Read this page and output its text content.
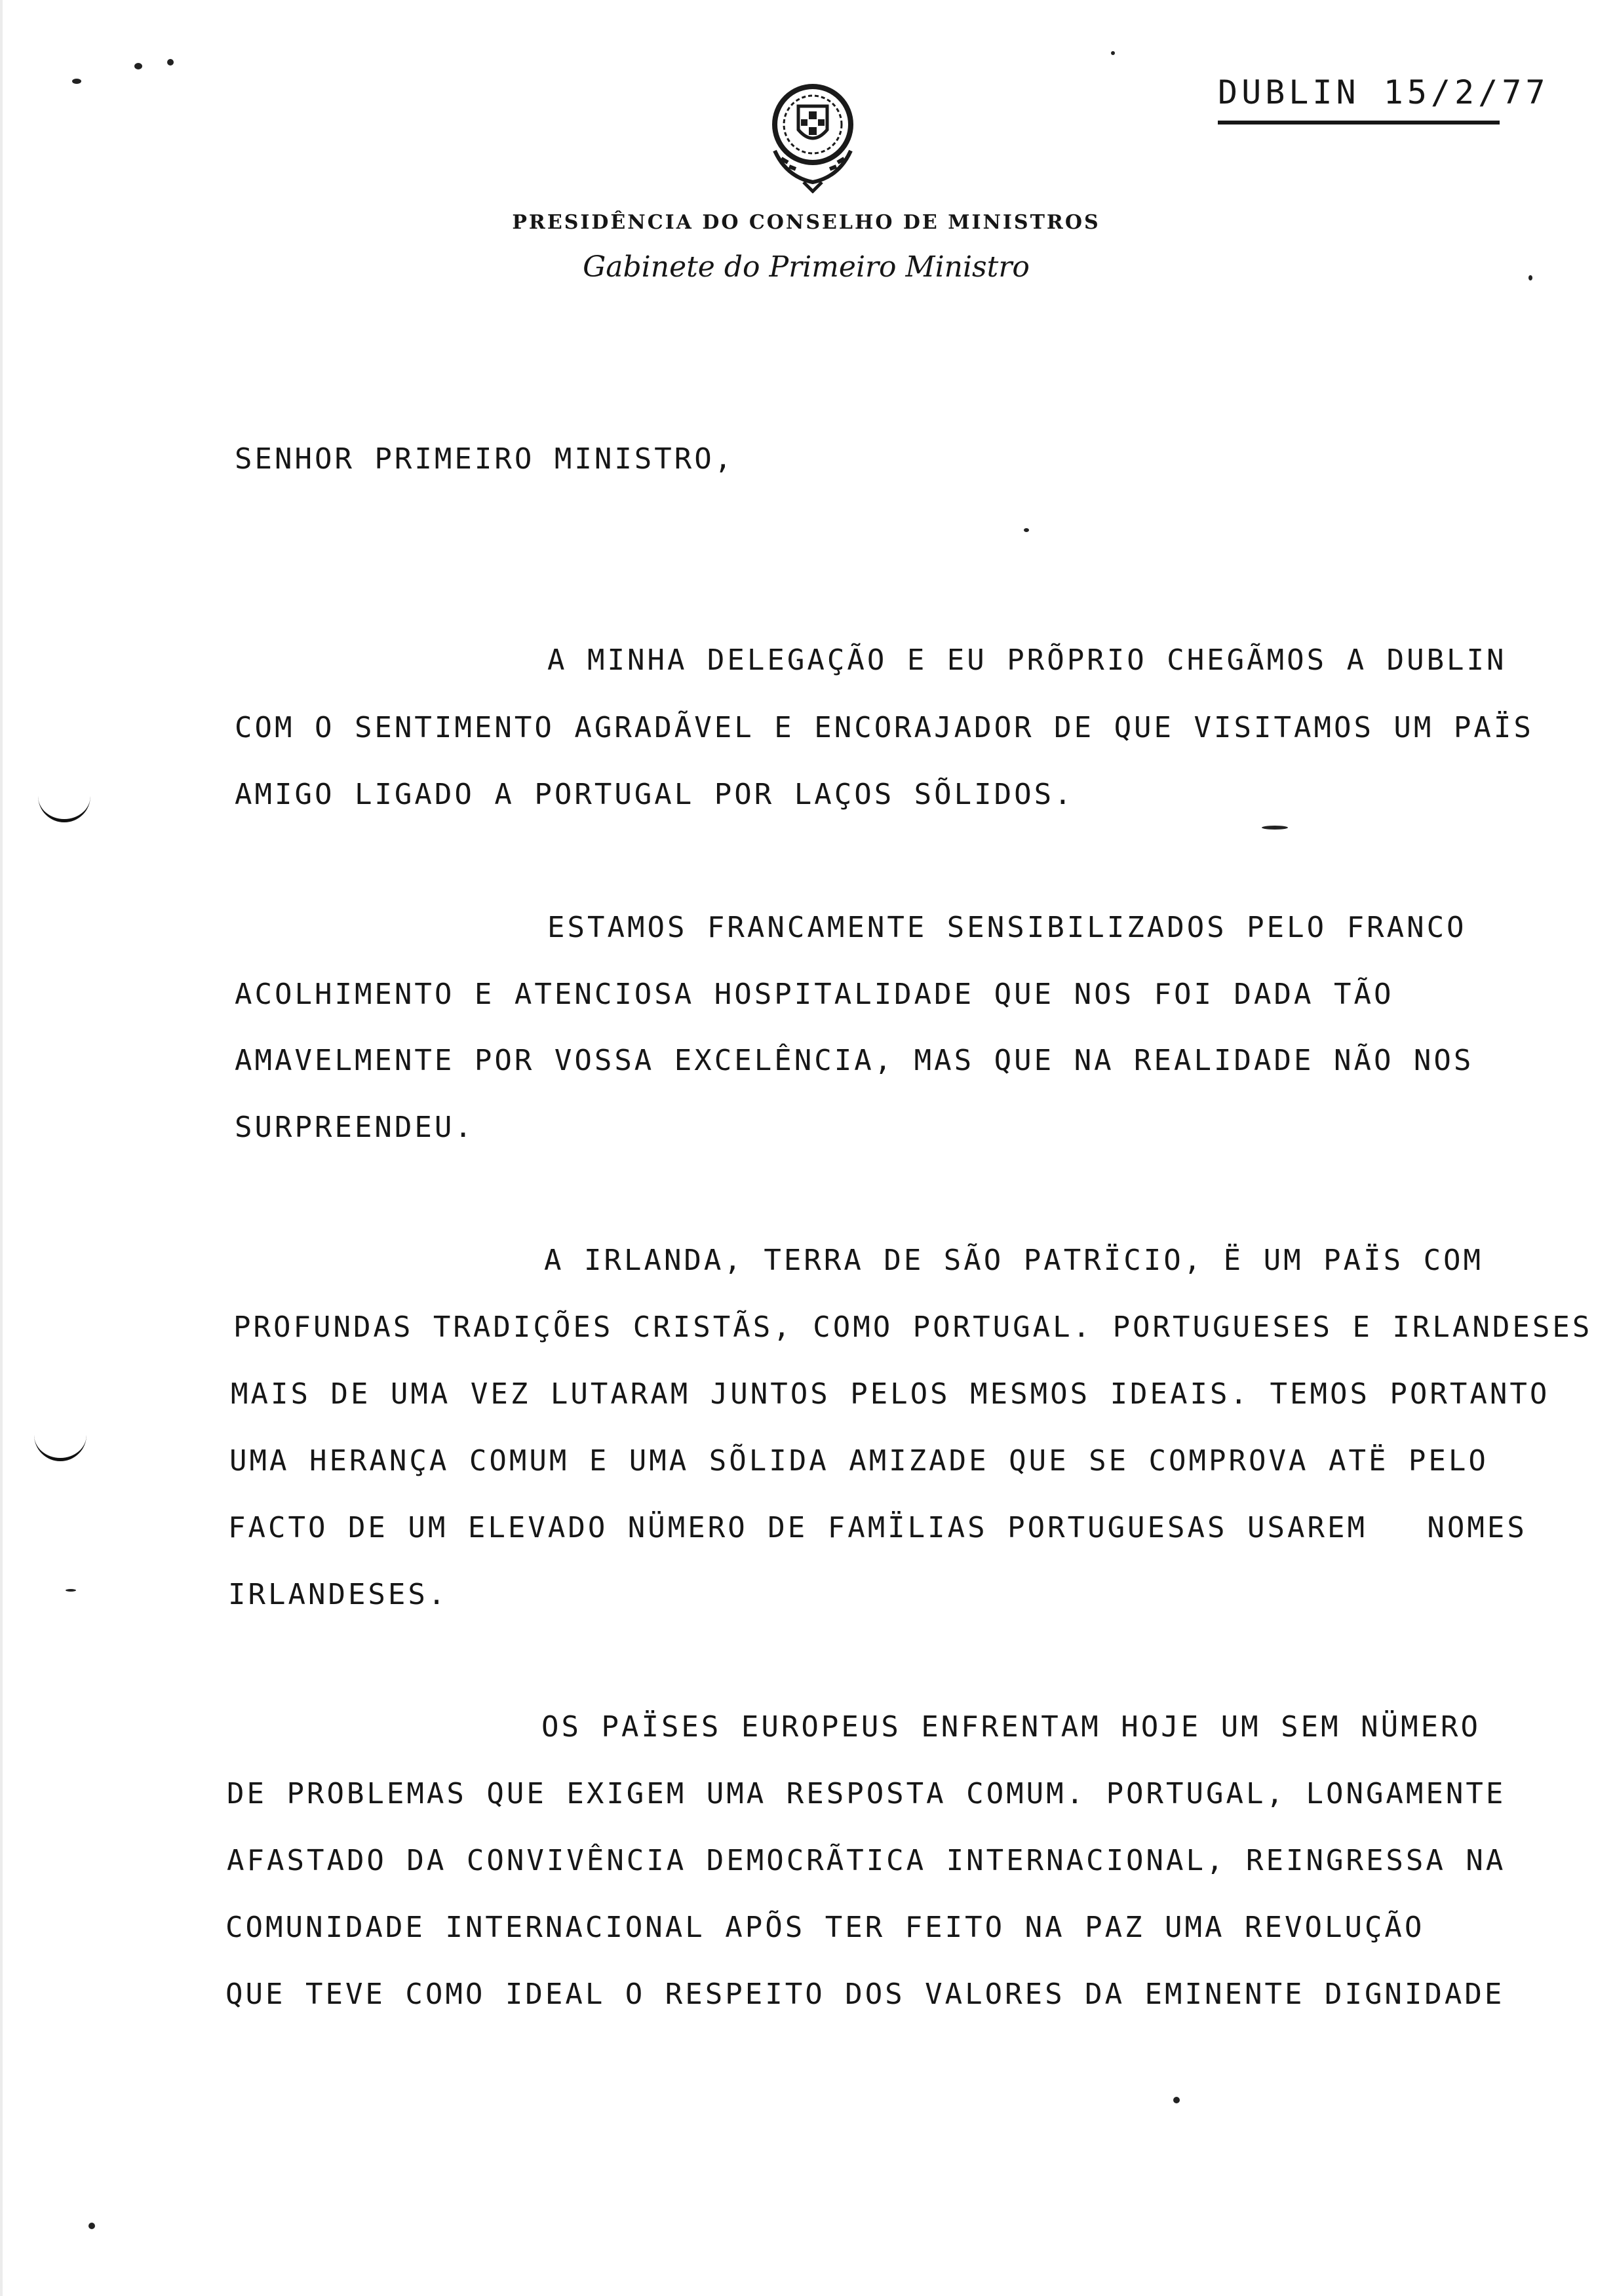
DUBLIN 15/2/77

PRESIDÊNCIA DO CONSELHO DE MINISTROS

Gabinete do Primeiro Ministro

SENHOR PRIMEIRO MINISTRO,

A MINHA DELEGAÇÃO E EU PRÕPRIO CHEGÃMOS A DUBLIN

COM O SENTIMENTO AGRADÃVEL E ENCORAJADOR DE QUE VISITAMOS UM PAÏS

AMIGO LIGADO A PORTUGAL POR LAÇOS SÕLIDOS.

ESTAMOS FRANCAMENTE SENSIBILIZADOS PELO FRANCO

ACOLHIMENTO E ATENCIOSA HOSPITALIDADE QUE NOS FOI DADA TÃO

AMAVELMENTE POR VOSSA EXCELÊNCIA, MAS QUE NA REALIDADE NÃO NOS

SURPREENDEU.

A IRLANDA, TERRA DE SÃO PATRÏCIO, Ë UM PAÏS COM

PROFUNDAS TRADIÇÕES CRISTÃS, COMO PORTUGAL. PORTUGUESES E IRLANDESES

MAIS DE UMA VEZ LUTARAM JUNTOS PELOS MESMOS IDEAIS. TEMOS PORTANTO

UMA HERANÇA COMUM E UMA SÕLIDA AMIZADE QUE SE COMPROVA ATË PELO

FACTO DE UM ELEVADO NÜMERO DE FAMÏLIAS PORTUGUESAS USAREM   NOMES

IRLANDESES.

OS PAÏSES EUROPEUS ENFRENTAM HOJE UM SEM NÜMERO

DE PROBLEMAS QUE EXIGEM UMA RESPOSTA COMUM. PORTUGAL, LONGAMENTE

AFASTADO DA CONVIVÊNCIA DEMOCRÃTICA INTERNACIONAL, REINGRESSA NA

COMUNIDADE INTERNACIONAL APÕS TER FEITO NA PAZ UMA REVOLUÇÃO

QUE TEVE COMO IDEAL O RESPEITO DOS VALORES DA EMINENTE DIGNIDADE
